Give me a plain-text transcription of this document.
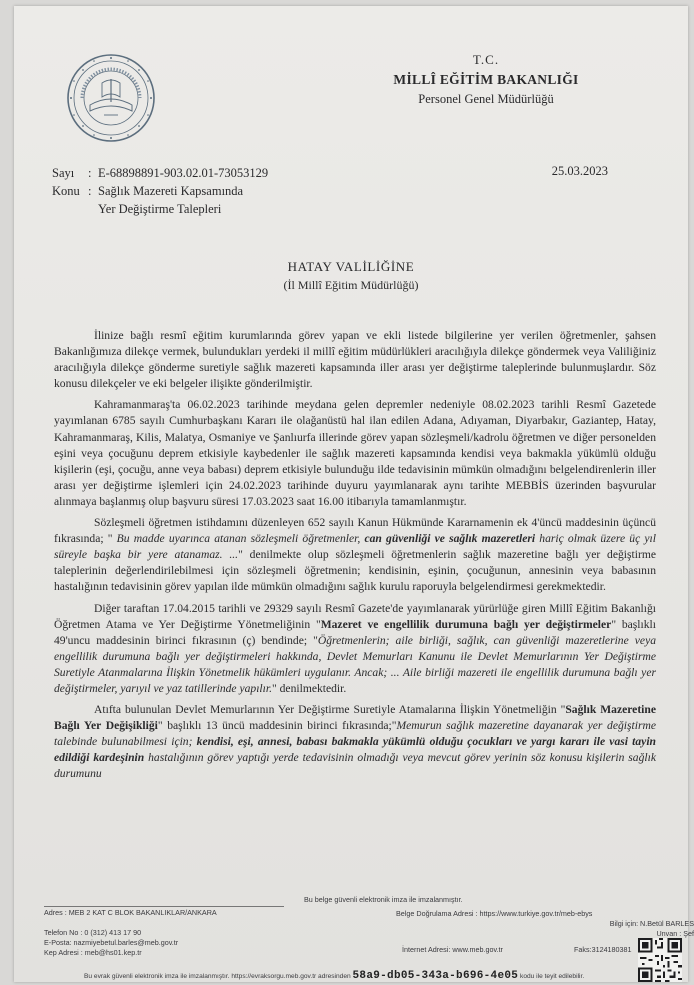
T.C.
MİLLÎ EĞİTİM BAKANLIĞI
Personel Genel Müdürlüğü
Sayı	: E-68898891-903.02.01-73053129
Konu : Sağlık Mazereti Kapsamında
Yer Değiştirme Talepleri
25.03.2023
HATAY VALİLİĞİNE
(İl Millî Eğitim Müdürlüğü)

İlinize bağlı resmî eğitim kurumlarında görev yapan ve ekli listede bilgilerine yer verilen öğretmenler, şahsen Bakanlığımıza dilekçe vermek, bulundukları yerdeki il millî eğitim müdürlükleri aracılığıyla dilekçe göndermek veya Valiliğiniz aracılığıyla dilekçe gönderme suretiyle sağlık mazereti kapsamında iller arası yer değiştirme taleplerinde bulunmuşlardır. Söz konusu dilekçeler ve eki belgeler ilişikte gönderilmiştir.

Kahramanmaraş'ta 06.02.2023 tarihinde meydana gelen depremler nedeniyle 08.02.2023 tarihli Resmî Gazetede yayımlanan 6785 sayılı Cumhurbaşkanı Kararı ile olağanüstü hal ilan edilen Adana, Adıyaman, Diyarbakır, Gaziantep, Hatay, Kahramanmaraş, Kilis, Malatya, Osmaniye ve Şanlıurfa illerinde görev yapan sözleşmeli/kadrolu öğretmen ve diğer personelden eşini veya çocuğunu deprem etkisiyle kaybedenler ile sağlık mazereti kapsamında kendisi veya bakmakla yükümlü olduğu kişilerin (eşi, çocuğu, anne veya babası) deprem etkisiyle bulunduğu ilde tedavisinin mümkün olmadığını belgelendirenlerin iller arası yer değiştirme işlemleri için 24.02.2023 tarihinde duyuru yayımlanarak aynı tarihte MEBBİS üzerinden başvurular alınmaya başlanmış olup başvuru süresi 17.03.2023 saat 16.00 itibarıyla tamamlanmıştır.

Sözleşmeli öğretmen istihdamını düzenleyen 652 sayılı Kanun Hükmünde Kararnamenin ek 4'üncü maddesinin üçüncü fıkrasında; " Bu madde uyarınca atanan sözleşmeli öğretmenler, can güvenliği ve sağlık mazeretleri hariç olmak üzere üç yıl süreyle başka bir yere atanamaz. ..." denilmekte olup sözleşmeli öğretmenlerin sağlık mazeretine bağlı yer değiştirme taleplerinin değerlendirilebilmesi için sözleşmeli öğretmenin; kendisinin, eşinin, çocuğunun, annesinin veya babasının hastalığının tedavisinin görev yapılan ilde mümkün olmadığını sağlık kurulu raporuyla belgelendirmesi gerekmektedir.

Diğer taraftan 17.04.2015 tarihli ve 29329 sayılı Resmî Gazete'de yayımlanarak yürürlüğe giren Millî Eğitim Bakanlığı Öğretmen Atama ve Yer Değiştirme Yönetmeliğinin "Mazeret ve engellilik durumuna bağlı yer değiştirmeler" başlıklı 49'uncu maddesinin birinci fıkrasının (ç) bendinde; "Öğretmenlerin; aile birliği, sağlık, can güvenliği mazeretlerine veya engellilik durumuna bağlı yer değiştirmeleri hakkında, Devlet Memurları Kanunu ile Devlet Memurlarının Yer Değiştirme Suretiyle Atanmalarına İlişkin Yönetmelik hükümleri uygulanır. Ancak; ... Aile birliği mazereti ile engellilik durumuna bağlı yer değiştirmeler, yarıyıl ve yaz tatillerinde yapılır." denilmektedir.

Atıfta bulunulan Devlet Memurlarının Yer Değiştirme Suretiyle Atamalarına İlişkin Yönetmeliğin "Sağlık Mazeretine Bağlı Yer Değişikliği" başlıklı 13 üncü maddesinin birinci fıkrasında;"Memurun sağlık mazeretine dayanarak yer değiştirme talebinde bulunabilmesi için; kendisi, eşi, annesi, babası bakmakla yükümlü olduğu çocukları ve yargı kararı ile vasi tayin edildiği kardeşinin hastalığının görev yaptığı yerde tedavisinin olmadığı veya mevcut görev yerinin söz konusu kişilerin sağlık durumunu

Bu belge güvenli elektronik imza ile imzalanmıştır.
Adres : MEB 2 KAT C BLOK BAKANLIKLAR/ANKARA	Belge Doğrulama Adresi : https://www.turkiye.gov.tr/meb-ebys
Telefon No : 0 (312) 413 17 90
E-Posta: nazmiyebetul.barles@meb.gov.tr
Kep Adresi : meb@hs01.kep.tr
Bilgi için: N.Betül BARLES
Unvan : Şef
İnternet Adresi: www.meb.gov.tr	Faks:3124180381
Bu evrak güvenli elektronik imza ile imzalanmıştır. https://evraksorgu.meb.gov.tr adresinden 58a9-db05-343a-b696-4e05 kodu ile teyit edilebilir.
